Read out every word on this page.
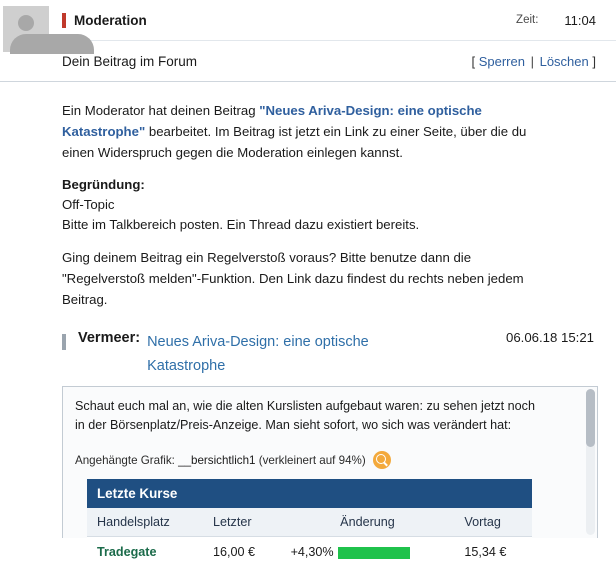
Moderation	Zeit: 11:04
Dein Beitrag im Forum	[ Sperren | Löschen ]

Ein Moderator hat deinen Beitrag "Neues Ariva-Design: eine optische Katastrophe" bearbeitet. Im Beitrag ist jetzt ein Link zu einer Seite, über die du einen Widerspruch gegen die Moderation einlegen kannst.

Begründung:

Off-Topic

Bitte im Talkbereich posten. Ein Thread dazu existiert bereits.

Ging deinem Beitrag ein Regelverstoß voraus? Bitte benutze dann die "Regelverstoß melden"-Funktion. Den Link dazu findest du rechts neben jedem Beitrag.

Vermeer: Neues Ariva-Design: eine optische Katastrophe
06.06.18 15:21

Schaut euch mal an, wie die alten Kurslisten aufgebaut waren: zu sehen jetzt noch in der Börsenplatz/Preis-Anzeige. Man sieht sofort, wo sich was verändert hat:

Angehängte Grafik:
__bersichtlich1
(verkleinert auf 94%)
Letzte Kurse			
Handelsplatz	Letzter	Änderung	Vortag
Tradegate	16,00 €	+4,30%	15,34 €
